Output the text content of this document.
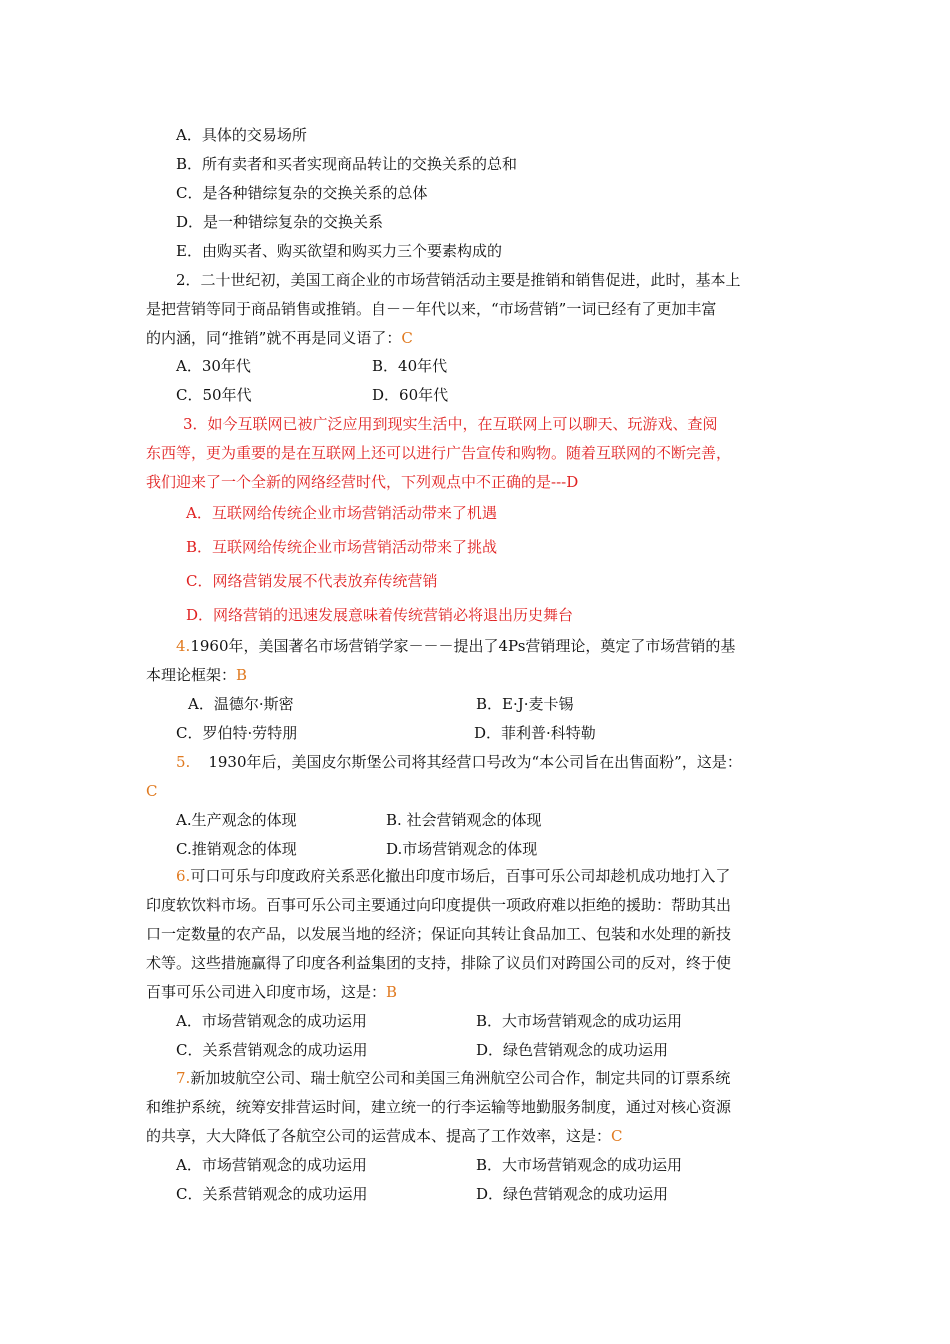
A．具体的交易场所
B．所有卖者和买者实现商品转让的交换关系的总和
C．是各种错综复杂的交换关系的总体
D．是一种错综复杂的交换关系
E．由购买者、购买欲望和购买力三个要素构成的
2．二十世纪初，美国工商企业的市场营销活动主要是推销和销售促进，此时，基本上
是把营销等同于商品销售或推销。自－－年代以来，“市场营销”一词已经有了更加丰富
的内涵，同“推销”就不再是同义语了：C
A．30年代	B．40年代
C．50年代	D．60年代
3．如今互联网已被广泛应用到现实生活中，在互联网上可以聊天、玩游戏、查阅
东西等，更为重要的是在互联网上还可以进行广告宣传和购物。随着互联网的不断完善，
我们迎来了一个全新的网络经营时代，下列观点中不正确的是---D
A．互联网给传统企业市场营销活动带来了机遇
B．互联网给传统企业市场营销活动带来了挑战
C．网络营销发展不代表放弃传统营销
D．网络营销的迅速发展意味着传统营销必将退出历史舞台
4.1960年，美国著名市场营销学家－－－提出了4Ps营销理论，奠定了市场营销的基
本理论框架：B
A．温德尔·斯密	B．E·J·麦卡锡
C．罗伯特·劳特朋	D．菲利普·科特勒
5. 1930年后，美国皮尔斯堡公司将其经营口号改为“本公司旨在出售面粉”，这是：
C
A.生产观念的体现	B. 社会营销观念的体现
C.推销观念的体现	D.市场营销观念的体现
6.可口可乐与印度政府关系恶化撤出印度市场后，百事可乐公司却趁机成功地打入了
印度软饮料市场。百事可乐公司主要通过向印度提供一项政府难以拒绝的援助：帮助其出
口一定数量的农产品，以发展当地的经济；保证向其转让食品加工、包装和水处理的新技
术等。这些措施赢得了印度各利益集团的支持，排除了议员们对跨国公司的反对，终于使
百事可乐公司进入印度市场，这是：B
A．市场营销观念的成功运用	B．大市场营销观念的成功运用
C．关系营销观念的成功运用	D．绿色营销观念的成功运用
7.新加坡航空公司、瑞士航空公司和美国三角洲航空公司合作，制定共同的订票系统
和维护系统，统筹安排营运时间，建立统一的行李运输等地勤服务制度，通过对核心资源
的共享，大大降低了各航空公司的运营成本、提高了工作效率，这是：C
A．市场营销观念的成功运用	B．大市场营销观念的成功运用
C．关系营销观念的成功运用	D．绿色营销观念的成功运用
